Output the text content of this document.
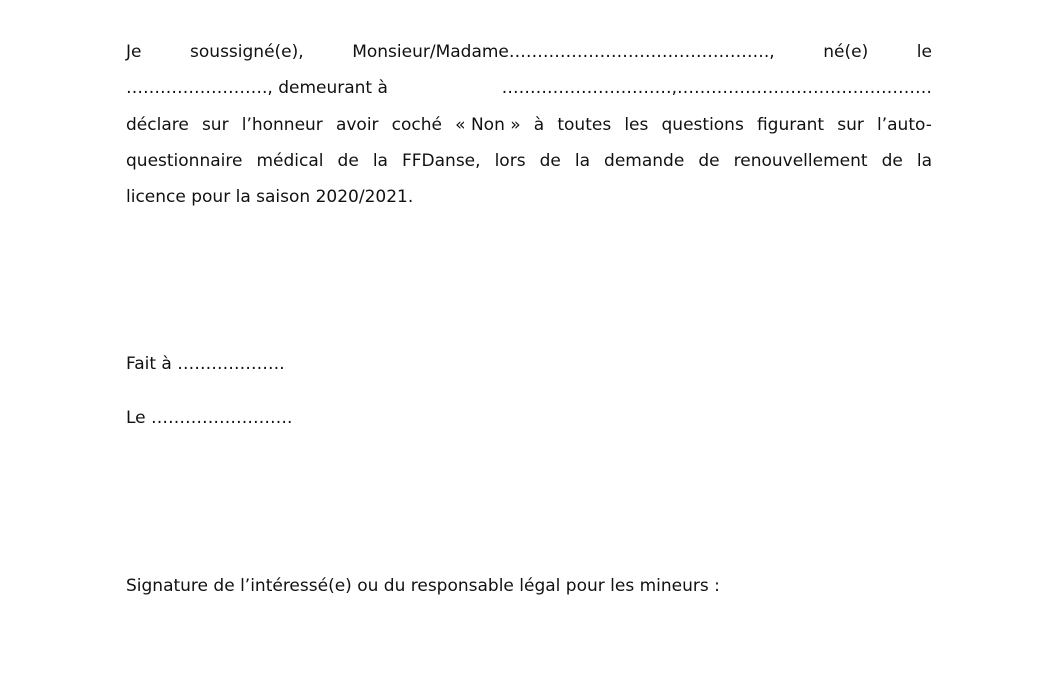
Je	soussigné(e),	Monsieur/Madame……………………………………….,	né(e)	le
……………………., demeurant à	…………………………,………………………………………
déclare sur l’honneur avoir coché « Non » à toutes les questions figurant sur l’auto-
questionnaire médical de la FFDanse, lors de la demande de renouvellement de la
licence pour la saison 2020/2021.
Fait à ……………….
Le …………………….
Signature de l’intéressé(e) ou du responsable légal pour les mineurs :
